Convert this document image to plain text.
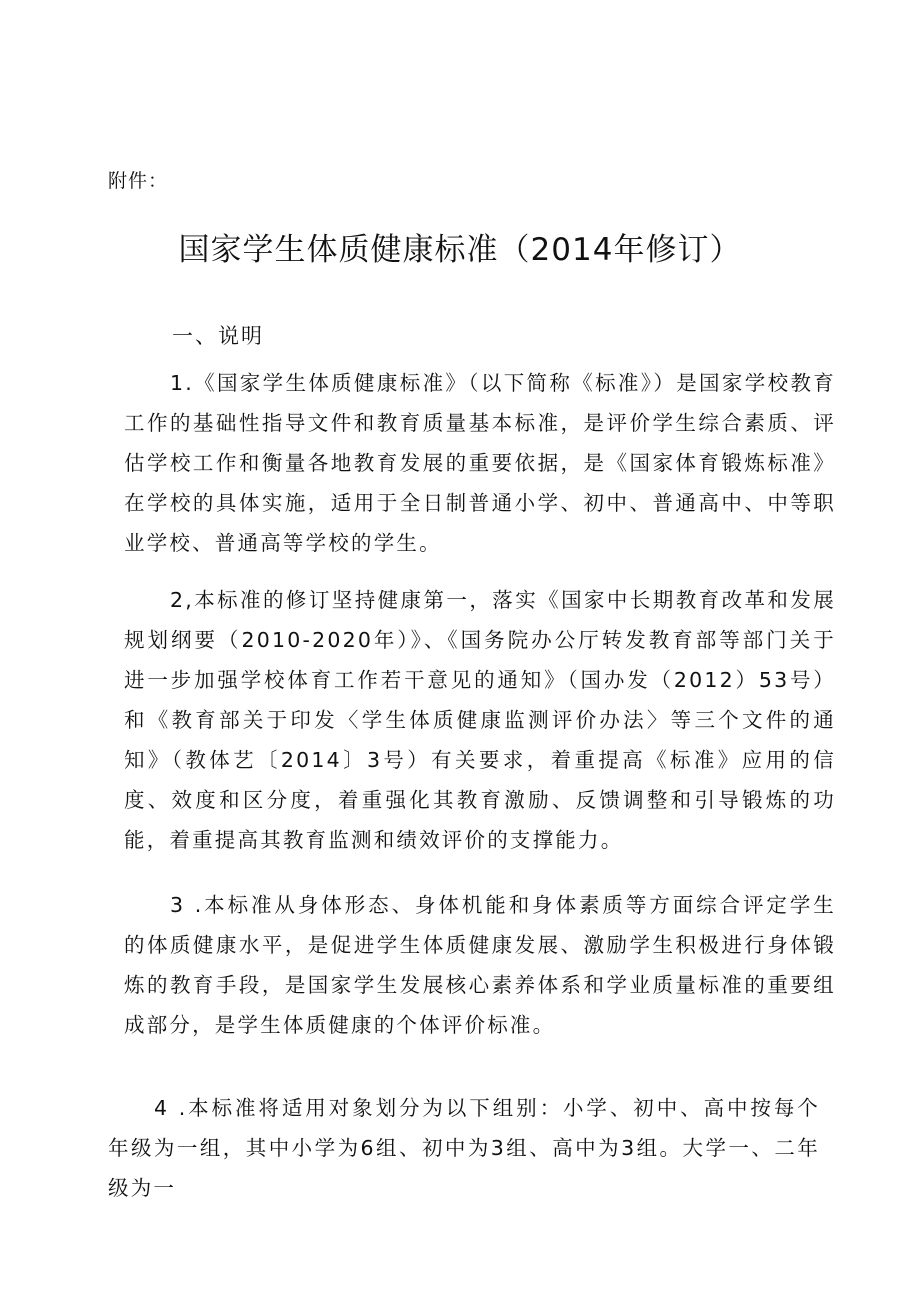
附件：
国家学生体质健康标准（2014年修订）
一、说明

1.《国家学生体质健康标准》（以下简称《标准》）是国家学校教育工作的基础性指导文件和教育质量基本标准，是评价学生综合素质、评估学校工作和衡量各地教育发展的重要依据，是《国家体育锻炼标准》在学校的具体实施，适用于全日制普通小学、初中、普通高中、中等职业学校、普通高等学校的学生。

2,本标准的修订坚持健康第一，落实《国家中长期教育改革和发展规划纲要（2010-2020年）》、《国务院办公厅转发教育部等部门关于进一步加强学校体育工作若干意见的通知》（国办发（2012）53号）和《教育部关于印发〈学生体质健康监测评价办法〉等三个文件的通知》（教体艺〔2014〕3号）有关要求，着重提高《标准》应用的信度、效度和区分度，着重强化其教育激励、反馈调整和引导锻炼的功能，着重提高其教育监测和绩效评价的支撑能力。

3 .本标准从身体形态、身体机能和身体素质等方面综合评定学生的体质健康水平，是促进学生体质健康发展、激励学生积极进行身体锻炼的教育手段，是国家学生发展核心素养体系和学业质量标准的重要组成部分，是学生体质健康的个体评价标准。

4 .本标准将适用对象划分为以下组别：小学、初中、高中按每个年级为一组，其中小学为6组、初中为3组、高中为3组。大学一、二年级为一
